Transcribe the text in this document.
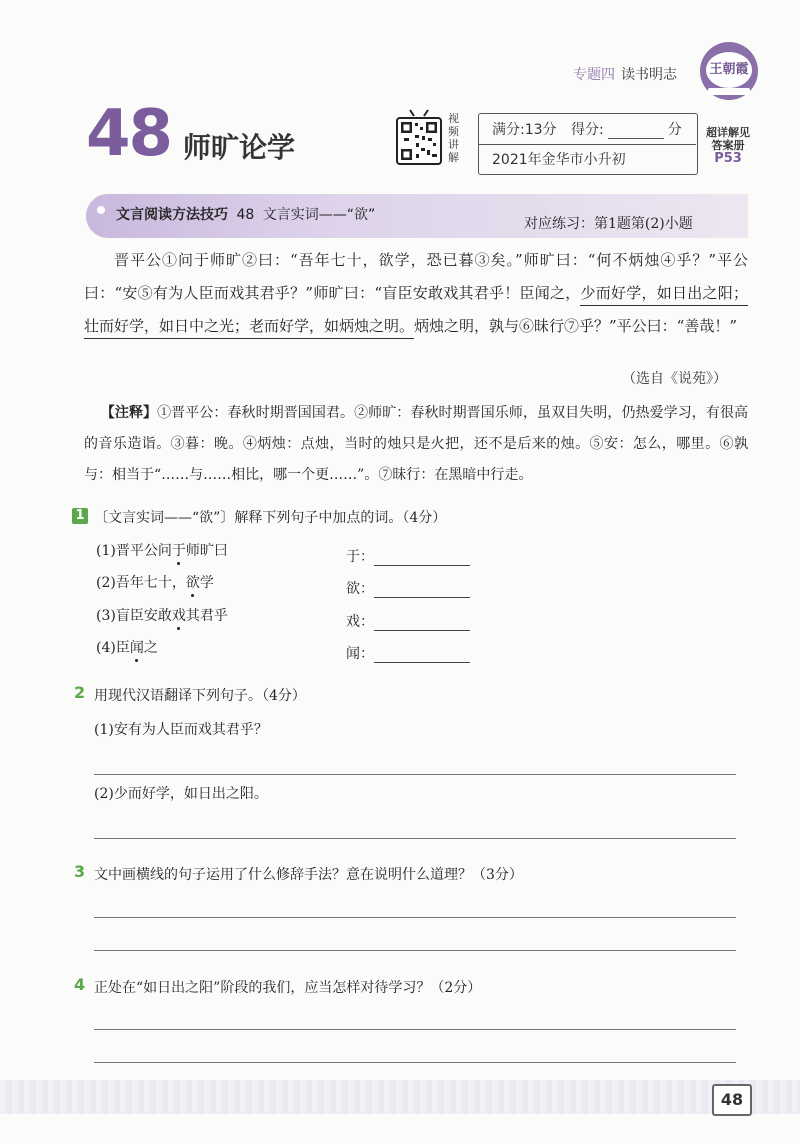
专题四 读书明志 王朝霞
48 师旷论学
视频讲解
满分:13分 得分:	分
2021年金华市小升初
超详解见
答案册
P53
文言阅读方法技巧 48 文言实词——“欲”
对应练习：第1题第(2)小题

晋平公①问于师旷②曰：“吾年七十，欲学，恐已暮③矣。”师旷曰：“何不炳烛④乎？”平公曰：“安⑤有为人臣而戏其君乎？”师旷曰：“盲臣安敢戏其君乎！臣闻之，少而好学，如日出之阳；壮而好学，如日中之光；老而好学，如炳烛之明。炳烛之明，孰与⑥昧行⑦乎？”平公曰：“善哉！”

（选自《说苑》）

【注释】①晋平公：春秋时期晋国国君。②师旷：春秋时期晋国乐师，虽双目失明，仍热爱学习，有很高的音乐造诣。③暮：晚。④炳烛：点烛，当时的烛只是火把，还不是后来的烛。⑤安：怎么，哪里。⑥孰与：相当于“……与……相比，哪一个更……”。⑦昧行：在黑暗中行走。

1 〔文言实词——“欲”〕解释下列句子中加点的词。（4分）
(1)晋平公问于师旷曰	于：
(2)吾年七十，欲学	欲：
(3)盲臣安敢戏其君乎	戏：
(4)臣闻之	闻：
2 用现代汉语翻译下列句子。（4分）
(1)安有为人臣而戏其君乎？
(2)少而好学，如日出之阳。
3 文中画横线的句子运用了什么修辞手法？意在说明什么道理？（3分）
4 正处在“如日出之阳”阶段的我们，应当怎样对待学习？（2分）
48
